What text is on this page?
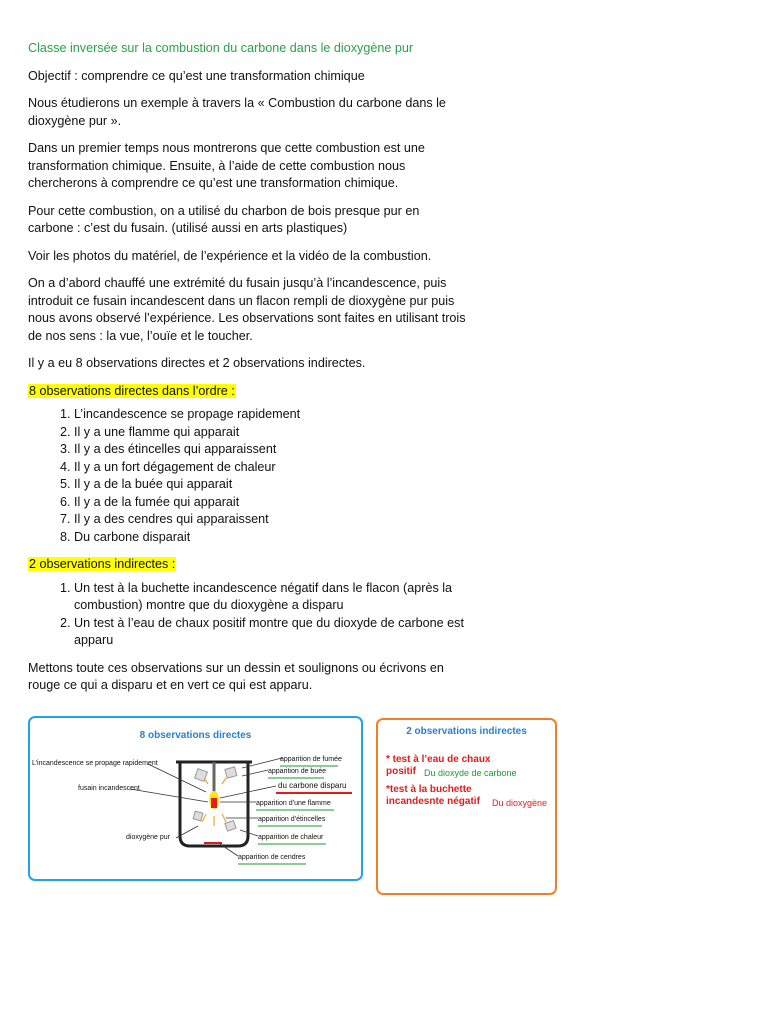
Classe inversée sur la combustion du carbone dans le dioxygène pur

Objectif : comprendre ce qu’est une transformation chimique

Nous étudierons un exemple à travers la « Combustion du carbone dans le dioxygène pur ».

Dans un premier temps nous montrerons que cette combustion est une transformation chimique. Ensuite, à l’aide de cette combustion nous chercherons à comprendre ce qu’est une transformation chimique.

Pour cette combustion, on a utilisé du charbon de bois presque pur en carbone : c’est du fusain. (utilisé aussi en arts plastiques)

Voir les photos du matériel, de l’expérience et la vidéo de la combustion.

On a d’abord chauffé une extrémité du fusain jusqu’à l’incandescence, puis introduit ce fusain incandescent dans un flacon rempli de dioxygène pur puis nous avons observé l’expérience. Les observations sont faites en utilisant trois de nos sens : la vue, l’ouïe et le toucher.

Il y a eu 8 observations directes et 2 observations indirectes.

8 observations directes dans l’ordre :

1. L’incandescence se propage rapidement
2. Il y a une flamme qui apparait
3. Il y a des étincelles qui apparaissent
4. Il y a un fort dégagement de chaleur
5. Il y a de la buée qui apparait
6. Il y a de la fumée qui apparait
7. Il y a des cendres qui apparaissent
8. Du carbone disparait

2 observations indirectes :

1. Un test à la buchette incandescence négatif dans le flacon (après la combustion) montre que du dioxygène a disparu
2. Un test à l’eau de chaux positif montre que du dioxyde de carbone est apparu

Mettons toute ces observations sur un dessin et soulignons ou écrivons en rouge ce qui a disparu et en vert ce qui est apparu.

8 observations directes
L’incandescence se propage rapidement
fusain incandescent
dioxygène pur
apparition de fumée
apparition de buée
du carbone disparu
apparition d’une flamme
apparition d’étincelles
apparition de chaleur
apparition de cendres
2 observations indirectes
* test à l’eau de chaux positif Du dioxyde de carbone
*test à la buchette incandesnte négatif	Du dioxygène
